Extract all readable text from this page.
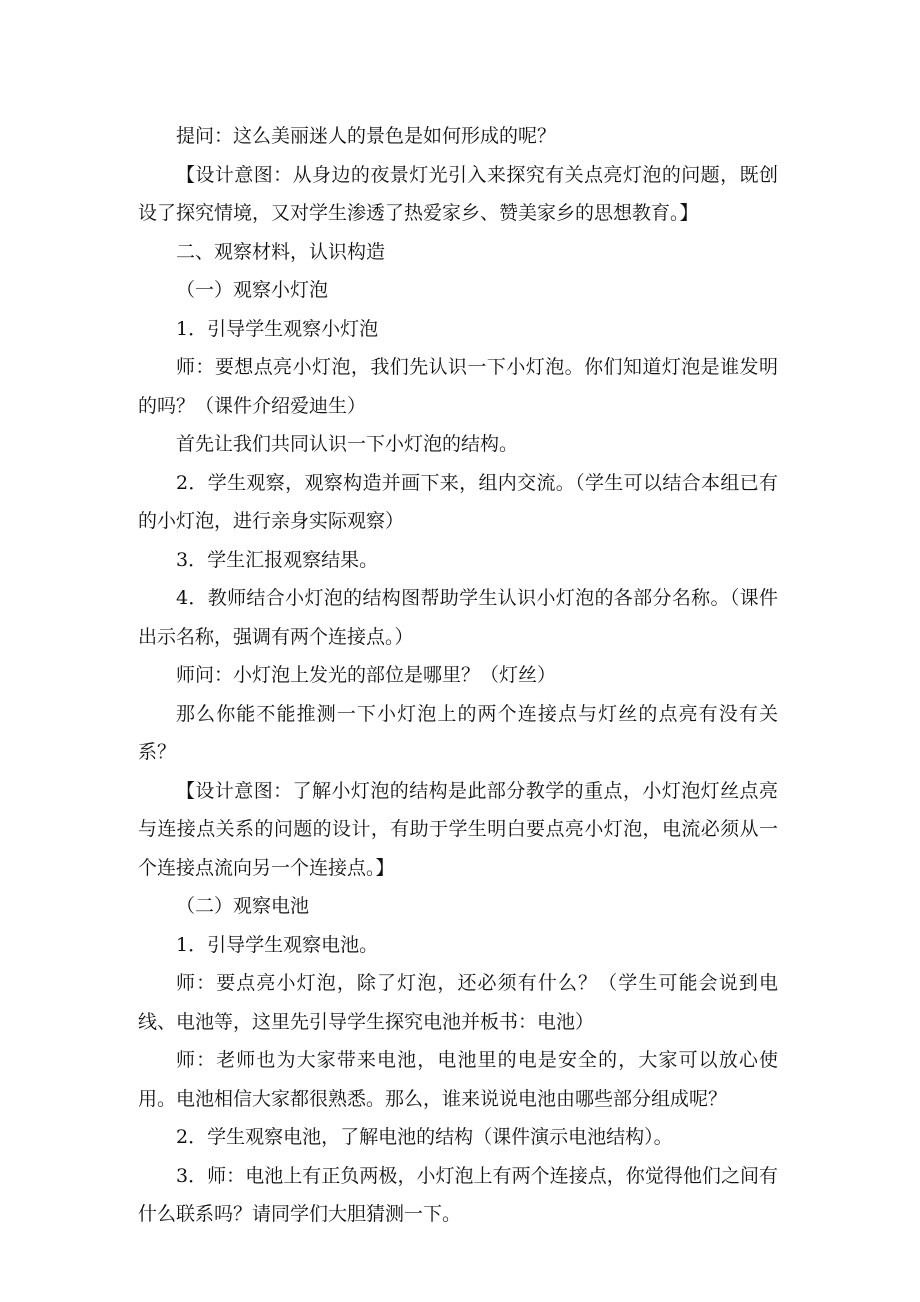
提问：这么美丽迷人的景色是如何形成的呢？

【设计意图：从身边的夜景灯光引入来探究有关点亮灯泡的问题，既创设了探究情境，又对学生渗透了热爱家乡、赞美家乡的思想教育。】

二、观察材料，认识构造

（一）观察小灯泡

1．引导学生观察小灯泡

师：要想点亮小灯泡，我们先认识一下小灯泡。你们知道灯泡是谁发明的吗？（课件介绍爱迪生）

首先让我们共同认识一下小灯泡的结构。

2．学生观察，观察构造并画下来，组内交流。（学生可以结合本组已有的小灯泡，进行亲身实际观察）

3．学生汇报观察结果。

4．教师结合小灯泡的结构图帮助学生认识小灯泡的各部分名称。（课件出示名称，强调有两个连接点。）

师问：小灯泡上发光的部位是哪里？（灯丝）

那么你能不能推测一下小灯泡上的两个连接点与灯丝的点亮有没有关系？

【设计意图：了解小灯泡的结构是此部分教学的重点，小灯泡灯丝点亮与连接点关系的问题的设计，有助于学生明白要点亮小灯泡，电流必须从一个连接点流向另一个连接点。】

（二）观察电池

1．引导学生观察电池。

师：要点亮小灯泡，除了灯泡，还必须有什么？（学生可能会说到电线、电池等，这里先引导学生探究电池并板书：电池）

师：老师也为大家带来电池，电池里的电是安全的，大家可以放心使用。电池相信大家都很熟悉。那么，谁来说说电池由哪些部分组成呢？

2．学生观察电池，了解电池的结构（课件演示电池结构）。

3．师：电池上有正负两极，小灯泡上有两个连接点，你觉得他们之间有什么联系吗？请同学们大胆猜测一下。
